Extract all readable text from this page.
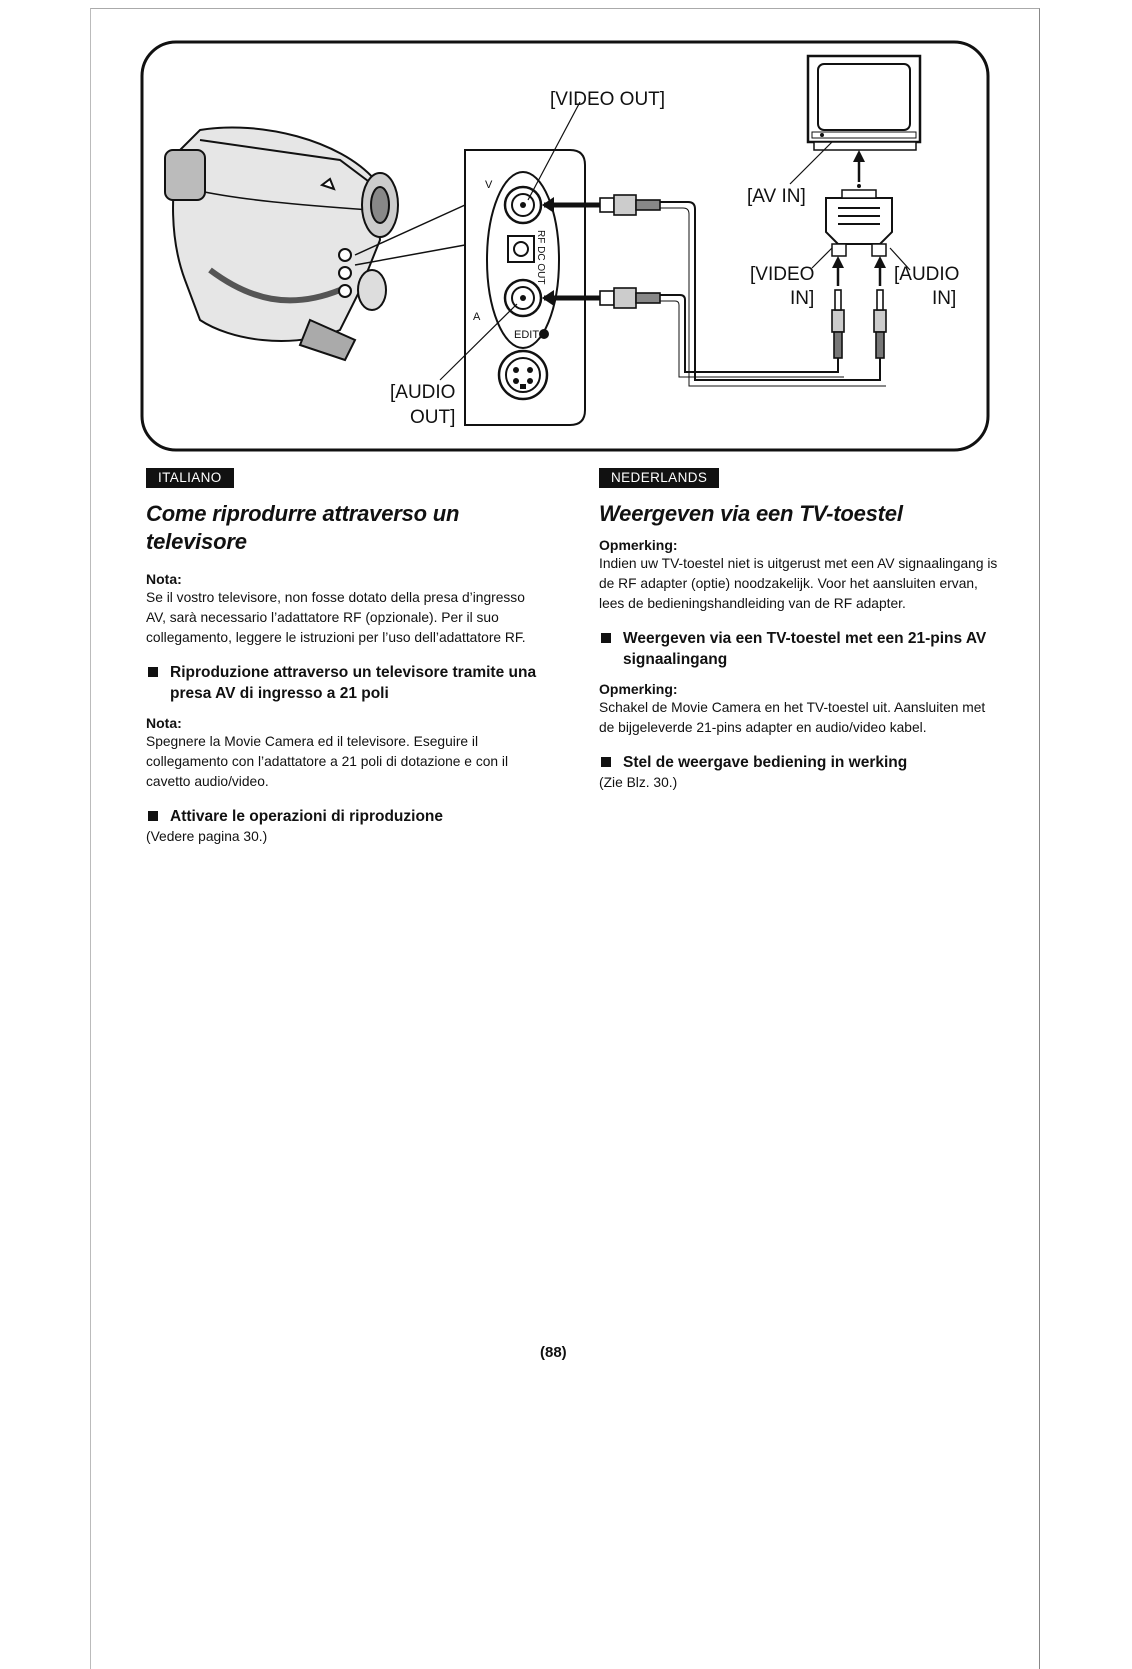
V
A
RF DC OUT
EDIT
[VIDEO OUT]
[AV IN]
[VIDEO
IN]
[AUDIO
IN]
[AUDIO
OUT]
ITALIANO	NEDERLANDS
Come riprodurre attraverso un
televisore

Nota:

Se il vostro televisore, non fosse dotato della presa d’ingresso AV, sarà necessario l’adattatore RF (opzionale). Per il suo collegamento, leggere le istruzioni per l’uso dell’adattatore RF.

Riproduzione attraverso un televisore tramite una presa AV di ingresso a 21 poli

Nota:

Spegnere la Movie Camera ed il televisore. Eseguire il collegamento con l’adattatore a 21 poli di dotazione e con il cavetto audio/video.

Attivare le operazioni di riproduzione

(Vedere pagina 30.)

Weergeven via een TV-toestel

Opmerking:

Indien uw TV-toestel niet is uitgerust met een AV signaalingang is de RF adapter (optie) noodzakelijk. Voor het aansluiten ervan, lees de bedieningshandleiding van de RF adapter.

Weergeven via een TV-toestel met een 21-pins AV signaalingang

Opmerking:

Schakel de Movie Camera en het TV-toestel uit. Aansluiten met de bijgeleverde 21-pins adapter en audio/video kabel.

Stel de weergave bediening in werking

(Zie Blz. 30.)

(88)
